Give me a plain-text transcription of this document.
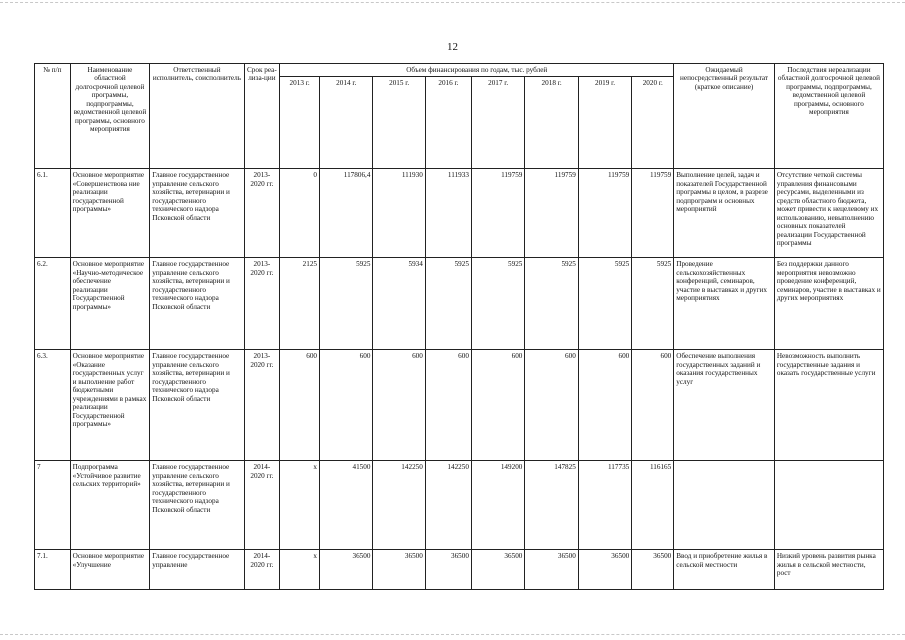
12
№ п/п	Наименование областной долгосрочной целевой программы, подпрограммы, ведомственной целевой программы, основного мероприятия	Ответственный исполнитель, соисполнитель	Срок реа-лиза-ции	Объем финансирования по годам, тыс. рублей								Ожидаемый непосредственный результат (краткое описание)	Последствия нереализации областной долгосрочной целевой программы, подпрограммы, ведомственной целевой программы, основного мероприятия
				2013 г.	2014 г.	2015 г.	2016 г.	2017 г.	2018 г.	2019 г.	2020 г.		
6.1.	Основное мероприятие «Совершенствова ние реализации государственной программы»	Главное государственное управление сельского хозяйства, ветеринарии и государственного технического надзора Псковской области	2013-2020 гг.	0	117806,4	111930	111933	119759	119759	119759	119759	Выполнение целей, задач и показателей Государственной программы в целом, в разрезе подпрограмм и основных мероприятий	Отсутствие четкой системы управления финансовыми ресурсами, выделенными из средств областного бюджета, может привести к нецелевому их использованию, невыполнению основных показателей реализации Государственной программы
6.2.	Основное мероприятие «Научно-методическое обеспечение реализации Государственной программы»	Главное государственное управление сельского хозяйства, ветеринарии и государственного технического надзора Псковской области	2013-2020 гг.	2125	5925	5934	5925	5925	5925	5925	5925	Проведение сельскохозяйственных конференций, семинаров, участие в выставках и других мероприятиях	Без поддержки данного мероприятия невозможно проведение конференций, семинаров, участие в выставках и других мероприятиях
6.3.	Основное мероприятие «Оказание государственных услуг и выполнение работ бюджетными учреждениями в рамках реализации Государственной программы»	Главное государственное управление сельского хозяйства, ветеринарии и государственного технического надзора Псковской области	2013-2020 гг.	600	600	600	600	600	600	600	600	Обеспечение выполнения государственных заданий и оказания государственных услуг	Невозможность выполнить государственные задания и оказать государственные услуги
7	Подпрограмма «Устойчивое развитие сельских территорий»	Главное государственное управление сельского хозяйства, ветеринарии и государственного технического надзора Псковской области	2014-2020 гг.	x	41500	142250	142250	149200	147825	117735	116165		
7.1.	Основное мероприятие «Улучшение	Главное государственное управление	2014-2020 гг.	x	36500	36500	36500	36500	36500	36500	36500	Ввод и приобретение жилья в сельской местности	Низкий уровень развития рынка жилья в сельской местности, рост
